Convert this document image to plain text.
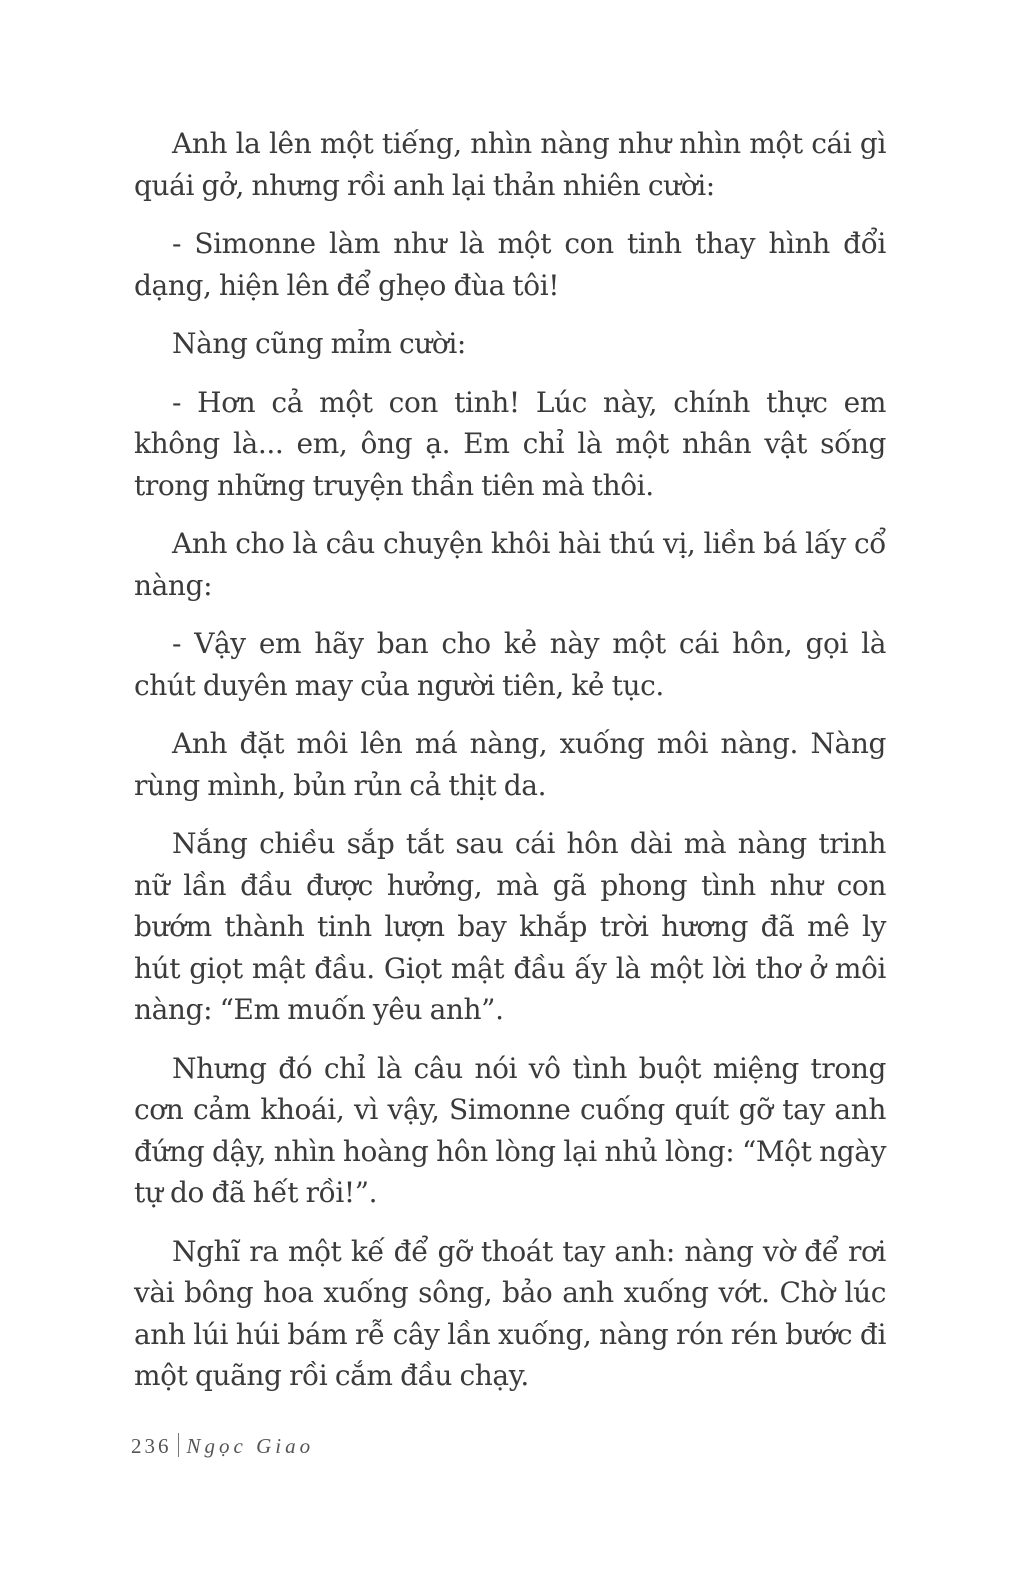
Anh la lên một tiếng, nhìn nàng như nhìn một cái gì quái gở, nhưng rồi anh lại thản nhiên cười:

- Simonne làm như là một con tinh thay hình đổi dạng, hiện lên để ghẹo đùa tôi!

Nàng cũng mỉm cười:

- Hơn cả một con tinh! Lúc này, chính thực em không là... em, ông ạ. Em chỉ là một nhân vật sống trong những truyện thần tiên mà thôi.

Anh cho là câu chuyện khôi hài thú vị, liền bá lấy cổ nàng:

- Vậy em hãy ban cho kẻ này một cái hôn, gọi là chút duyên may của người tiên, kẻ tục.

Anh đặt môi lên má nàng, xuống môi nàng. Nàng rùng mình, bủn rủn cả thịt da.

Nắng chiều sắp tắt sau cái hôn dài mà nàng trinh nữ lần đầu được hưởng, mà gã phong tình như con bướm thành tinh lượn bay khắp trời hương đã mê ly hút giọt mật đầu. Giọt mật đầu ấy là một lời thơ ở môi nàng: “Em muốn yêu anh”.

Nhưng đó chỉ là câu nói vô tình buột miệng trong cơn cảm khoái, vì vậy, Simonne cuống quít gỡ tay anh đứng dậy, nhìn hoàng hôn lòng lại nhủ lòng: “Một ngày tự do đã hết rồi!”.

Nghĩ ra một kế để gỡ thoát tay anh: nàng vờ để rơi vài bông hoa xuống sông, bảo anh xuống vớt. Chờ lúc anh lúi húi bám rễ cây lần xuống, nàng rón rén bước đi một quãng rồi cắm đầu chạy.

236 Ngọc Giao
